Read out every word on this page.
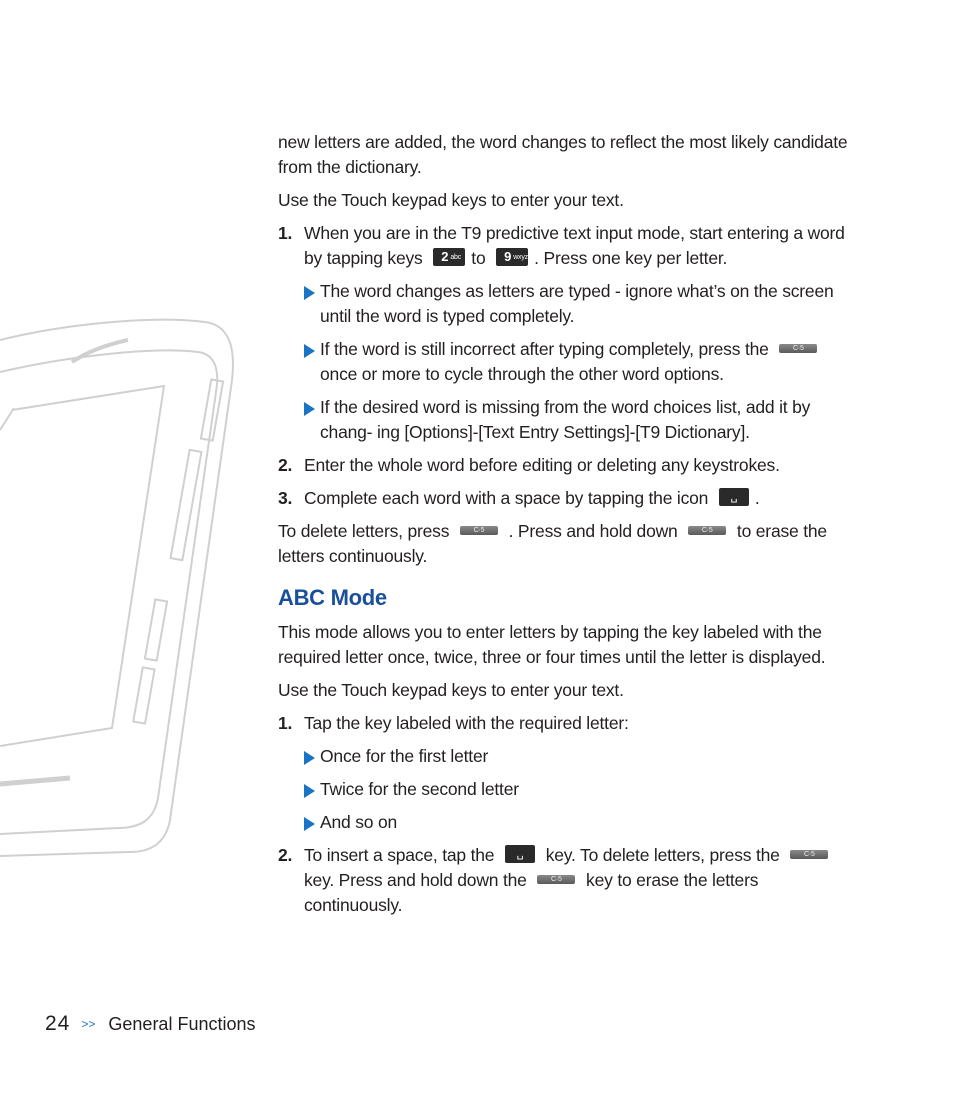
new letters are added, the word changes to reflect the most likely candidate from the dictionary.

Use the Touch keypad keys to enter your text.

1. When you are in the T9 predictive text input mode, start entering a word by tapping keys 2 $^{abc}$ to 9 $^{wxyz}$ . Press one key per letter.
The word changes as letters are typed - ignore what’s on the screen until the word is typed completely.
If the word is still incorrect after typing completely, press the	C·5 once or more to cycle through the other word options.
If the desired word is missing from the word choices list, add it by chang- ing [Options]-[Text Entry Settings]-[T9 Dictionary].
2. Enter the whole word before editing or deleting any keystrokes.
3. Complete each word with a space by tapping the icon ␣ .

To delete letters, press	C·5 . Press and hold down	C·5 to erase the letters continuously.

ABC Mode

This mode allows you to enter letters by tapping the key labeled with the required letter once, twice, three or four times until the letter is displayed.

Use the Touch keypad keys to enter your text.

1. Tap the key labeled with the required letter:
Once for the first letter
Twice for the second letter
And so on
2. To insert a space, tap the ␣ key. To delete letters, press the	C·5 key. Press and hold down the	C·5 key to erase the letters continuously.
24 >> General Functions
